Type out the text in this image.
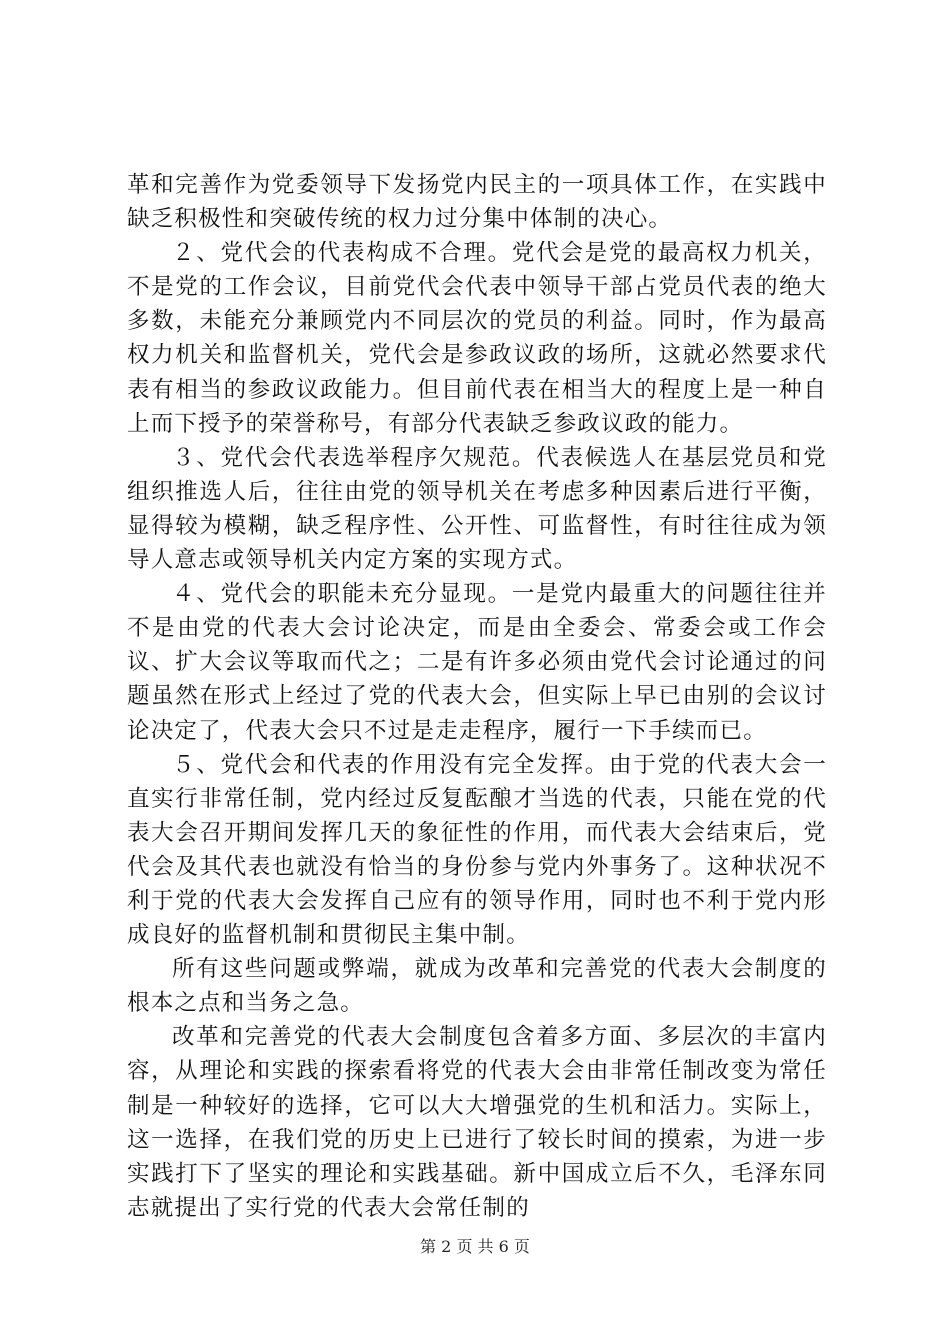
革和完善作为党委领导下发扬党内民主的一项具体工作，在实践中缺乏积极性和突破传统的权力过分集中体制的决心。

２、党代会的代表构成不合理。党代会是党的最高权力机关，不是党的工作会议，目前党代会代表中领导干部占党员代表的绝大多数，未能充分兼顾党内不同层次的党员的利益。同时，作为最高权力机关和监督机关，党代会是参政议政的场所，这就必然要求代表有相当的参政议政能力。但目前代表在相当大的程度上是一种自上而下授予的荣誉称号，有部分代表缺乏参政议政的能力。

３、党代会代表选举程序欠规范。代表候选人在基层党员和党组织推选人后，往往由党的领导机关在考虑多种因素后进行平衡，显得较为模糊，缺乏程序性、公开性、可监督性，有时往往成为领导人意志或领导机关内定方案的实现方式。

４、党代会的职能未充分显现。一是党内最重大的问题往往并不是由党的代表大会讨论决定，而是由全委会、常委会或工作会议、扩大会议等取而代之；二是有许多必须由党代会讨论通过的问题虽然在形式上经过了党的代表大会，但实际上早已由别的会议讨论决定了，代表大会只不过是走走程序，履行一下手续而已。

５、党代会和代表的作用没有完全发挥。由于党的代表大会一直实行非常任制，党内经过反复酝酿才当选的代表，只能在党的代表大会召开期间发挥几天的象征性的作用，而代表大会结束后，党代会及其代表也就没有恰当的身份参与党内外事务了。这种状况不利于党的代表大会发挥自己应有的领导作用，同时也不利于党内形成良好的监督机制和贯彻民主集中制。

所有这些问题或弊端，就成为改革和完善党的代表大会制度的根本之点和当务之急。

改革和完善党的代表大会制度包含着多方面、多层次的丰富内容，从理论和实践的探索看将党的代表大会由非常任制改变为常任制是一种较好的选择，它可以大大增强党的生机和活力。实际上，这一选择，在我们党的历史上已进行了较长时间的摸索，为进一步实践打下了坚实的理论和实践基础。新中国成立后不久，毛泽东同志就提出了实行党的代表大会常任制的

第 2 页 共 6 页
